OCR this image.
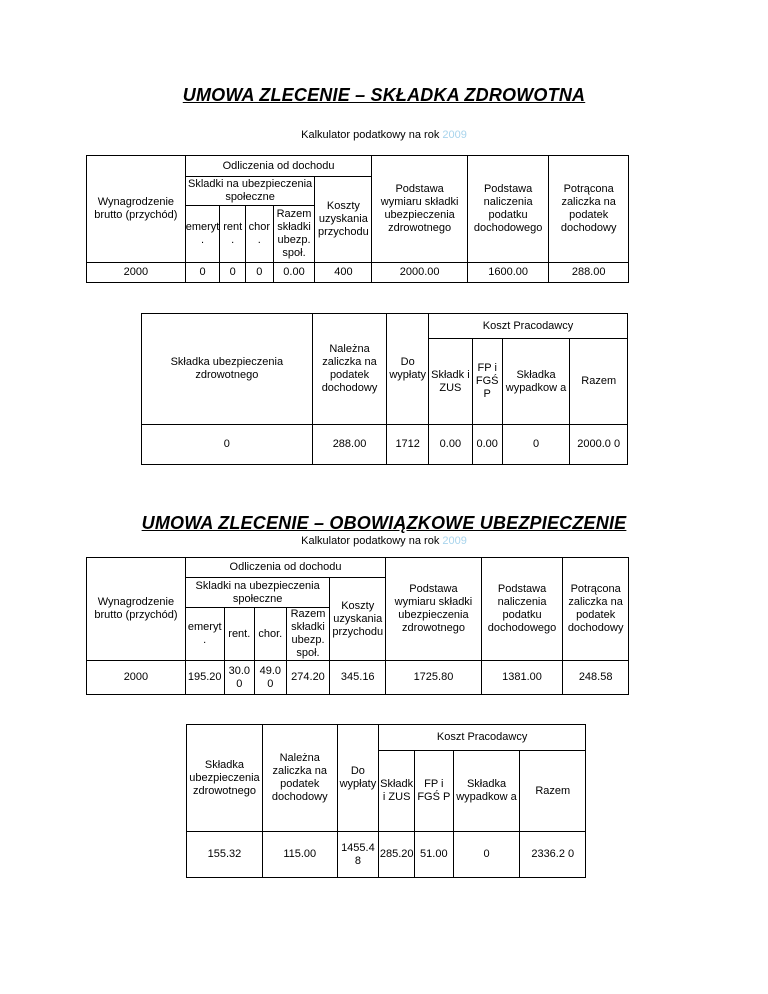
UMOWA ZLECENIE – SKŁADKA ZDROWOTNA
Kalkulator podatkowy na rok 2009
Wynagrodzenie brutto (przychód)	Odliczenia od dochodu					Podstawa wymiaru składki ubezpieczenia zdrowotnego	Podstawa naliczenia podatku dochodowego	Potrącona zaliczka na podatek dochodowy
	Skladki na ubezpieczenia społeczne				Koszty uzyskania przychodu			
	emeryt .	rent .	chor .	Razem składki ubezp. społ.				
2000	0	0	0	0.00	400	2000.00	1600.00	288.00
Składka ubezpieczenia zdrowotnego	Należna zaliczka na podatek dochodowy	Do wypłaty	Koszt Pracodawcy			
			Składk i ZUS	FP i FGŚ P	Składka wypadkow a	Razem
0	288.00	1712	0.00	0.00	0	2000.0 0
UMOWA ZLECENIE – OBOWIĄZKOWE UBEZPIECZENIE
Kalkulator podatkowy na rok 2009
Wynagrodzenie brutto (przychód)	Odliczenia od dochodu					Podstawa wymiaru składki ubezpieczenia zdrowotnego	Podstawa naliczenia podatku dochodowego	Potrącona zaliczka na podatek dochodowy
	Skladki na ubezpieczenia społeczne				Koszty uzyskania przychodu			
	emeryt .	rent.	chor.	Razem składki ubezp. społ.				
2000	195.20	30.0 0	49.0 0	274.20	345.16	1725.80	1381.00	248.58
Składka ubezpieczenia zdrowotnego	Należna zaliczka na podatek dochodowy	Do wypłaty	Koszt Pracodawcy			
			Składk i ZUS	FP i FGŚ P	Składka wypadkow a	Razem
155.32	115.00	1455.4 8	285.20	51.00	0	2336.2 0
